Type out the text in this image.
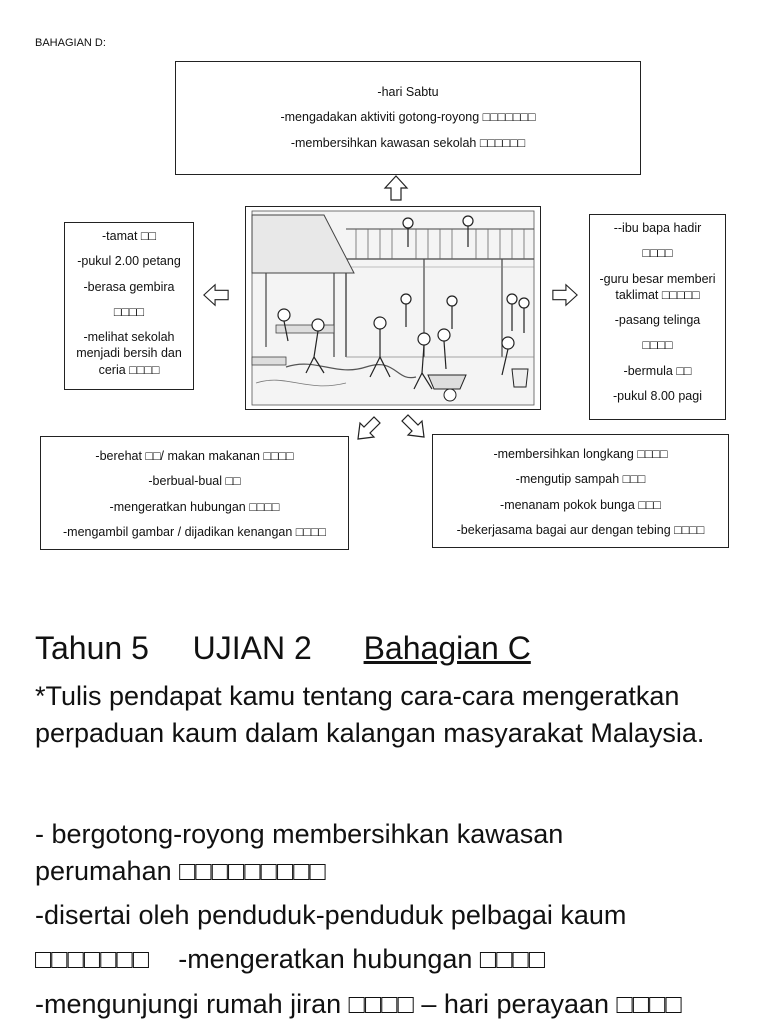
BAHAGIAN D:

-hari Sabtu

-mengadakan aktiviti gotong-royong □□□□□□□

-membersihkan kawasan sekolah □□□□□□

-tamat □□

-pukul 2.00 petang

-berasa gembira

□□□□

-melihat sekolah menjadi bersih dan ceria □□□□

--ibu bapa hadir

□□□□

-guru besar memberi taklimat □□□□□

-pasang telinga

□□□□

-bermula □□

-pukul 8.00 pagi

-berehat □□/ makan makanan □□□□

-berbual-bual □□

-mengeratkan hubungan □□□□

-mengambil gambar / dijadikan kenangan □□□□

-membersihkan longkang □□□□

-mengutip sampah □□□

-menanam pokok bunga □□□

-bekerjasama bagai aur dengan tebing □□□□

Tahun 5 UJIAN 2 Bahagian C
*Tulis pendapat kamu tentang cara-cara mengeratkan perpaduan kaum dalam kalangan masyarakat Malaysia.
- bergotong-royong membersihkan kawasan
perumahan □□□□□□□□□
-disertai oleh penduduk-penduduk pelbagai kaum
□□□□□□□ -mengeratkan hubungan □□□□
-mengunjungi rumah jiran □□□□ – hari perayaan □□□□
